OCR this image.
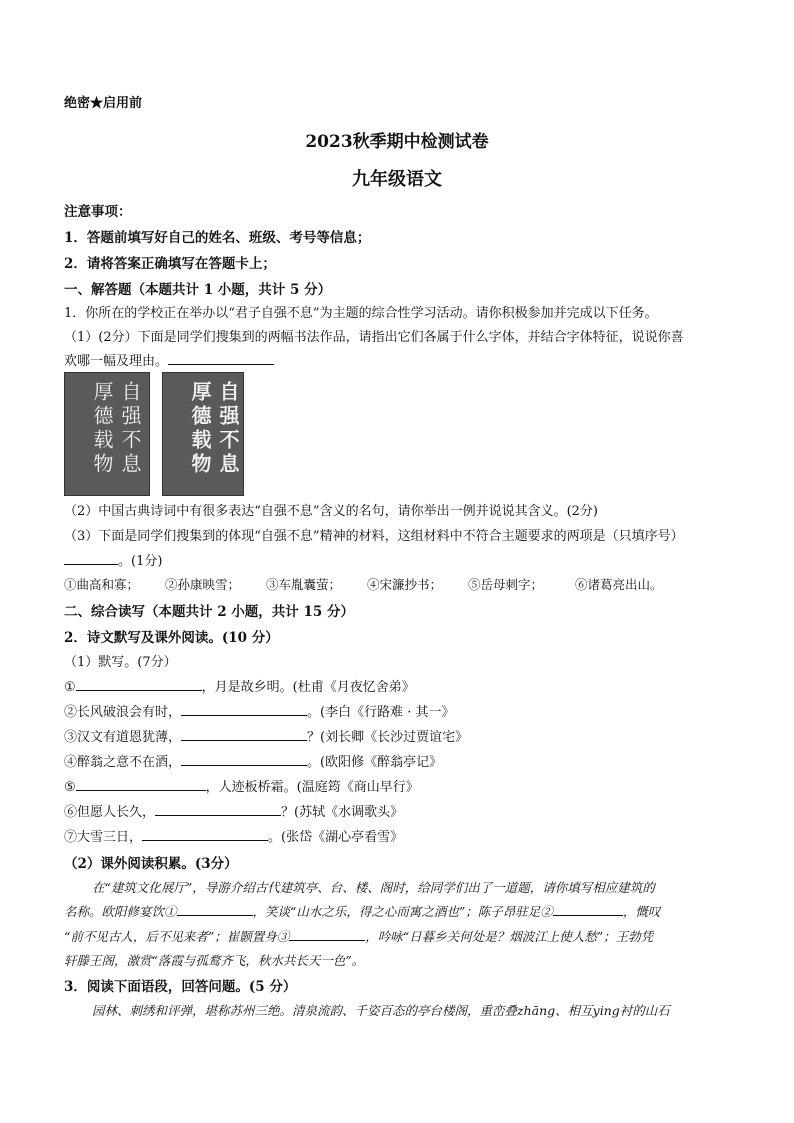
绝密★启用前
2023秋季期中检测试卷
九年级语文
注意事项：
1．答题前填写好自己的姓名、班级、考号等信息；
2．请将答案正确填写在答题卡上；
一、解答题（本题共计 1 小题，共计 5 分）
1．你所在的学校正在举办以“君子自强不息”为主题的综合性学习活动。请你积极参加并完成以下任务。
（1）(2分）下面是同学们搜集到的两幅书法作品，请指出它们各属于什么字体，并结合字体特征，说说你喜
欢哪一幅及理由。
自强不息
厚德载物	自强不息
厚德载物
（2）中国古典诗词中有很多表达“自强不息”含义的名句，请你举出一例并说说其含义。(2分)
（3）下面是同学们搜集到的体现“自强不息”精神的材料，这组材料中不符合主题要求的两项是（只填序号）
。(1分)
①曲高和寡； ②孙康映雪； ③车胤囊萤； ④宋濂抄书； ⑤岳母刺字；	⑥诸葛亮出山。
二、综合读写（本题共计 2 小题，共计 15 分）
2．诗文默写及课外阅读。(10 分）
（1）默写。(7分）
①	，月是故乡明。(杜甫《月夜忆舍弟》
②长风破浪会有时，	。(李白《行路难 · 其一》
③汉文有道恩犹薄，	？(刘长卿《长沙过贾谊宅》
④醉翁之意不在酒，	。(欧阳修《醉翁亭记》
⑤	，人迹板桥霜。(温庭筠《商山早行》
⑥但愿人长久，	？(苏轼《水调歌头》
⑦大雪三日，	。(张岱《湖心亭看雪》
（2）课外阅读积累。(3分）
在“建筑文化展厅”，导游介绍古代建筑亭、台、楼、阁时，给同学们出了一道题，请你填写相应建筑的
名称。欧阳修宴饮①	，笑谈“山水之乐，得之心而寓之酒也”；陈子昂驻足②	，慨叹
“前不见古人，后不见来者”；崔颢置身③	，吟咏“日暮乡关何处是？烟波江上使人愁”；王勃凭
轩滕王阁，激赏“落霞与孤鹜齐飞，秋水共长天一色”。
3．阅读下面语段，回答问题。(5 分）
园林、刺绣和评弹，堪称苏州三绝。清泉流韵、千姿百态的亭台楼阁，重峦叠zhāng、相互ying衬的山石
